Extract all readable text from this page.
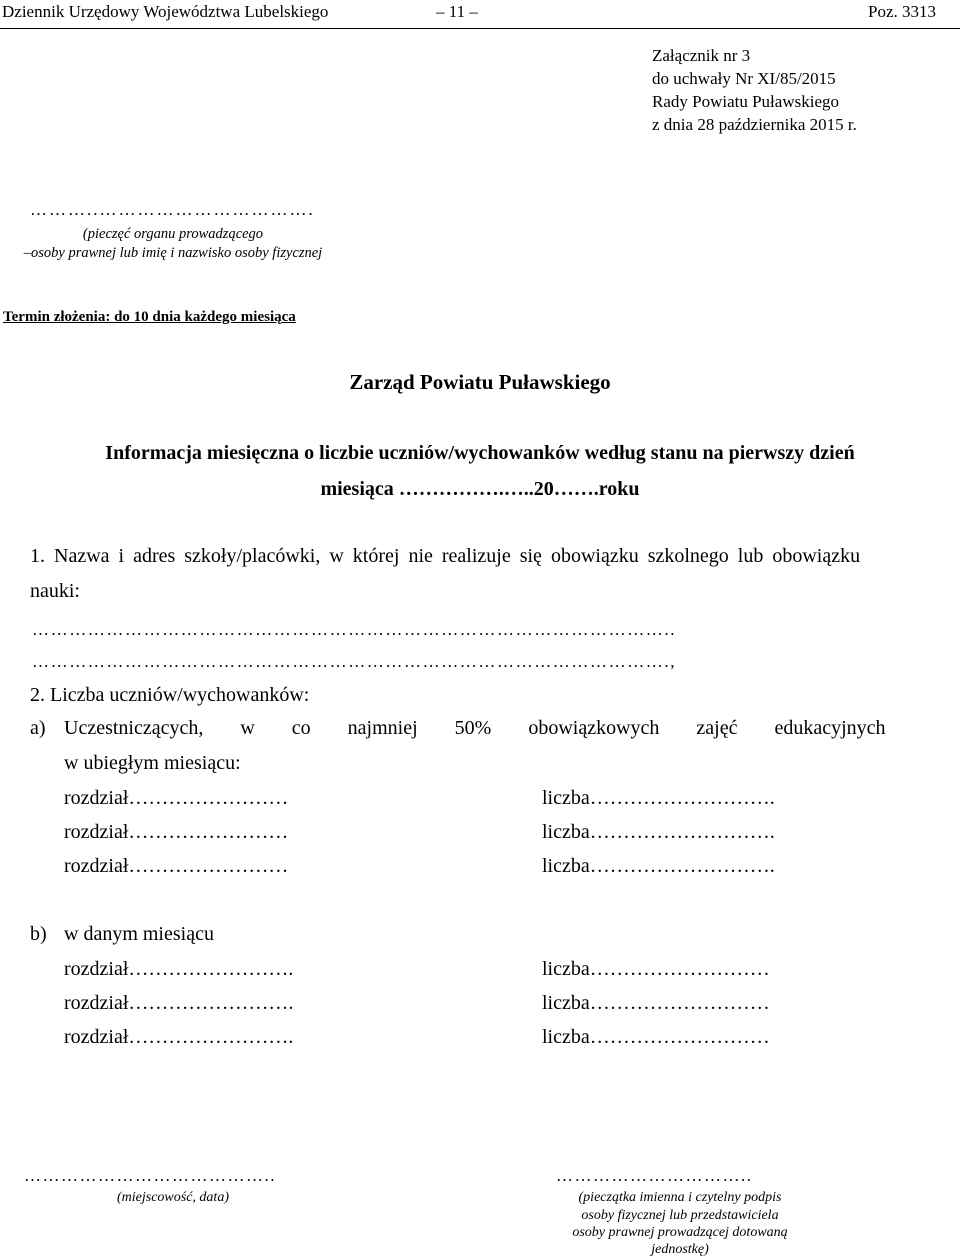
Dziennik Urzędowy Województwa Lubelskiego	– 11 –	Poz. 3313
Załącznik nr 3
do uchwały Nr XI/85/2015
Rady Powiatu Puławskiego
z dnia 28 października 2015 r.
………..…………………………….
(pieczęć organu prowadzącego
–osoby prawnej lub imię i nazwisko osoby fizycznej
Termin złożenia: do 10 dnia każdego miesiąca
Zarząd Powiatu Puławskiego
Informacja miesięczna o liczbie uczniów/wychowanków według stanu na pierwszy dzień
miesiąca …………….…..20…….roku
1. Nazwa i adres szkoły/placówki, w której nie realizuje się obowiązku szkolnego lub obowiązku
nauki:
…………………………………………………………………………………………..
………………………………………………………………………………………….,
2. Liczba uczniów/wychowanków:
a) Uczestniczących, w co najmniej 50% obowiązkowych zajęć edukacyjnych
w ubiegłym miesiącu:
rozdział……………………	liczba……………………….
rozdział……………………	liczba……………………….
rozdział……………………	liczba……………………….
b) w danym miesiącu
rozdział…………………….	liczba………………………
rozdział…………………….	liczba………………………
rozdział…………………….	liczba………………………
…………………………………..
(miejscowość, data)
…………………………..
(pieczątka imienna i czytelny podpis
osoby fizycznej lub przedstawiciela
osoby prawnej prowadzącej dotowaną
jednostkę)
